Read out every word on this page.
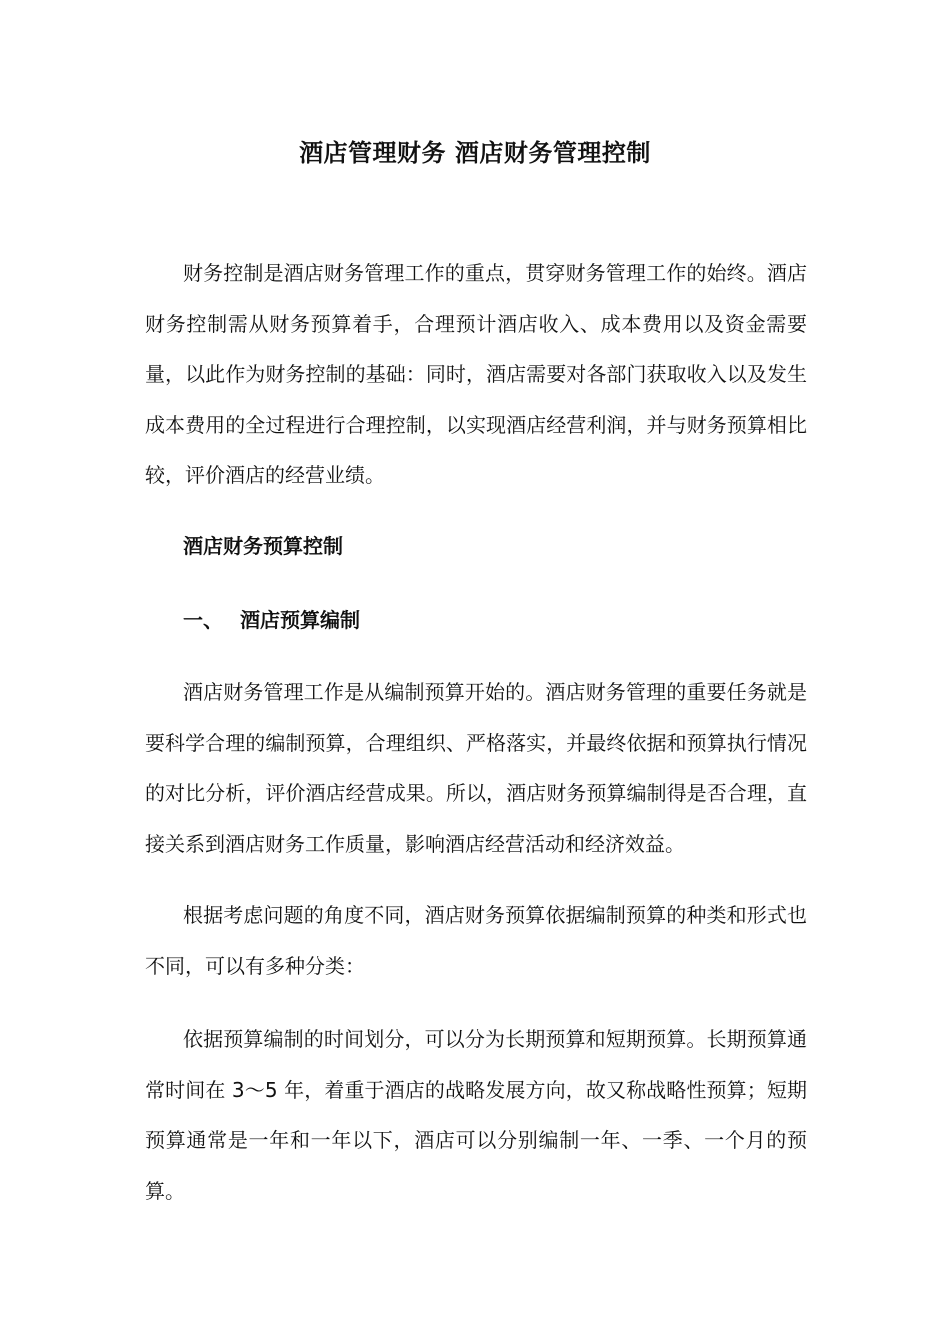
酒店管理财务 酒店财务管理控制

财务控制是酒店财务管理工作的重点，贯穿财务管理工作的始终。酒店财务控制需从财务预算着手，合理预计酒店收入、成本费用以及资金需要量，以此作为财务控制的基础：同时，酒店需要对各部门获取收入以及发生成本费用的全过程进行合理控制，以实现酒店经营利润，并与财务预算相比较，评价酒店的经营业绩。

酒店财务预算控制

一、 酒店预算编制

酒店财务管理工作是从编制预算开始的。酒店财务管理的重要任务就是要科学合理的编制预算，合理组织、严格落实，并最终依据和预算执行情况的对比分析，评价酒店经营成果。所以，酒店财务预算编制得是否合理，直接关系到酒店财务工作质量，影响酒店经营活动和经济效益。

根据考虑问题的角度不同，酒店财务预算依据编制预算的种类和形式也不同，可以有多种分类：

依据预算编制的时间划分，可以分为长期预算和短期预算。长期预算通常时间在 3～5 年，着重于酒店的战略发展方向，故又称战略性预算；短期预算通常是一年和一年以下，酒店可以分别编制一年、一季、一个月的预算。
